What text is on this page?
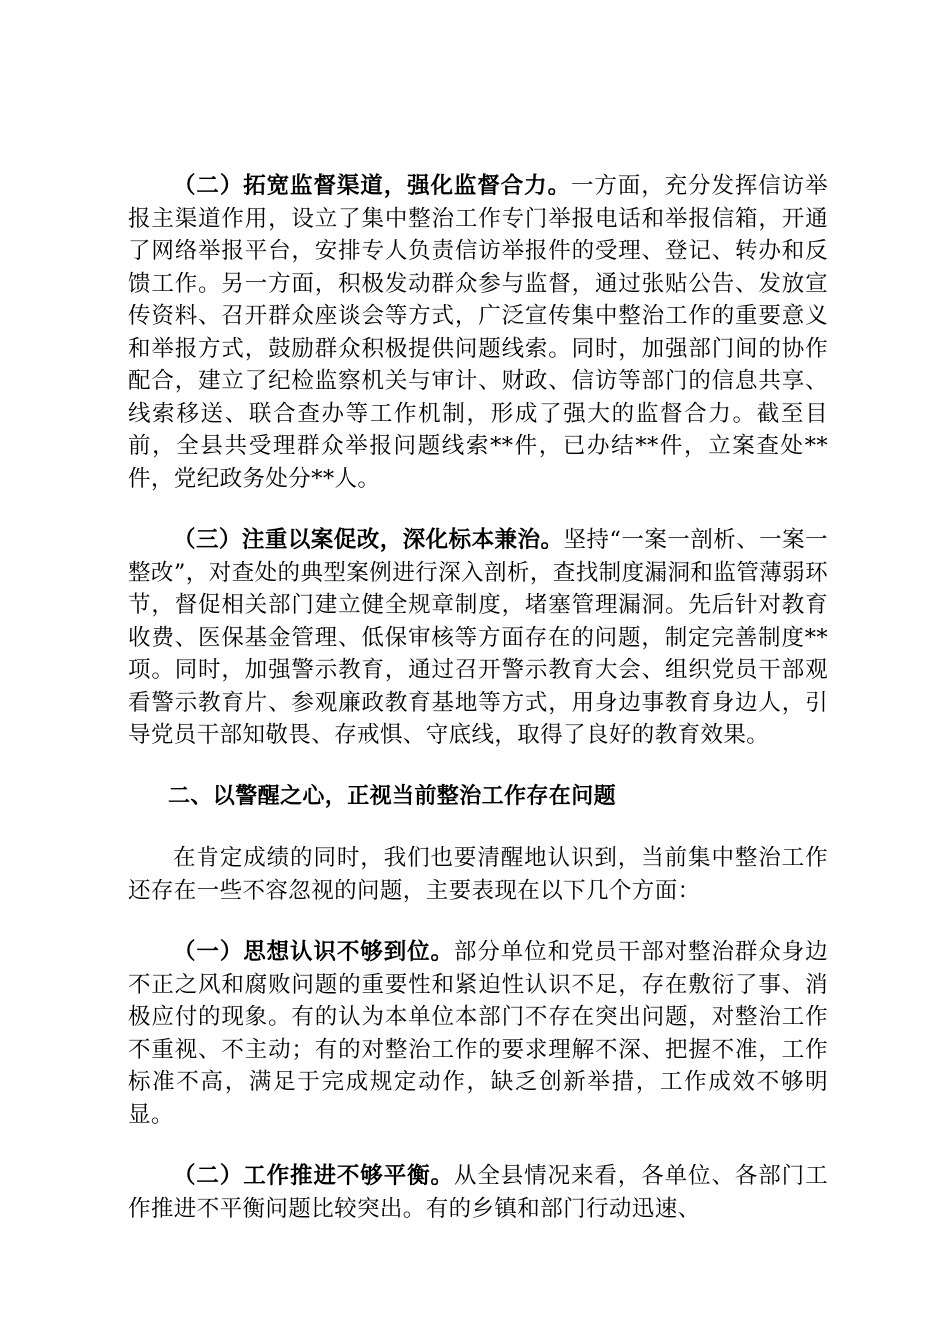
（二）拓宽监督渠道，强化监督合力。一方面，充分发挥信访举报主渠道作用，设立了集中整治工作专门举报电话和举报信箱，开通了网络举报平台，安排专人负责信访举报件的受理、登记、转办和反馈工作。另一方面，积极发动群众参与监督，通过张贴公告、发放宣传资料、召开群众座谈会等方式，广泛宣传集中整治工作的重要意义和举报方式，鼓励群众积极提供问题线索。同时，加强部门间的协作配合，建立了纪检监察机关与审计、财政、信访等部门的信息共享、线索移送、联合查办等工作机制，形成了强大的监督合力。截至目前，全县共受理群众举报问题线索**件，已办结**件，立案查处**件，党纪政务处分**人。

（三）注重以案促改，深化标本兼治。坚持“一案一剖析、一案一整改”，对查处的典型案例进行深入剖析，查找制度漏洞和监管薄弱环节，督促相关部门建立健全规章制度，堵塞管理漏洞。先后针对教育收费、医保基金管理、低保审核等方面存在的问题，制定完善制度**项。同时，加强警示教育，通过召开警示教育大会、组织党员干部观看警示教育片、参观廉政教育基地等方式，用身边事教育身边人，引导党员干部知敬畏、存戒惧、守底线，取得了良好的教育效果。

二、以警醒之心，正视当前整治工作存在问题

在肯定成绩的同时，我们也要清醒地认识到，当前集中整治工作还存在一些不容忽视的问题，主要表现在以下几个方面：

（一）思想认识不够到位。部分单位和党员干部对整治群众身边不正之风和腐败问题的重要性和紧迫性认识不足，存在敷衍了事、消极应付的现象。有的认为本单位本部门不存在突出问题，对整治工作不重视、不主动；有的对整治工作的要求理解不深、把握不准，工作标准不高，满足于完成规定动作，缺乏创新举措，工作成效不够明显。

（二）工作推进不够平衡。从全县情况来看，各单位、各部门工作推进不平衡问题比较突出。有的乡镇和部门行动迅速、
